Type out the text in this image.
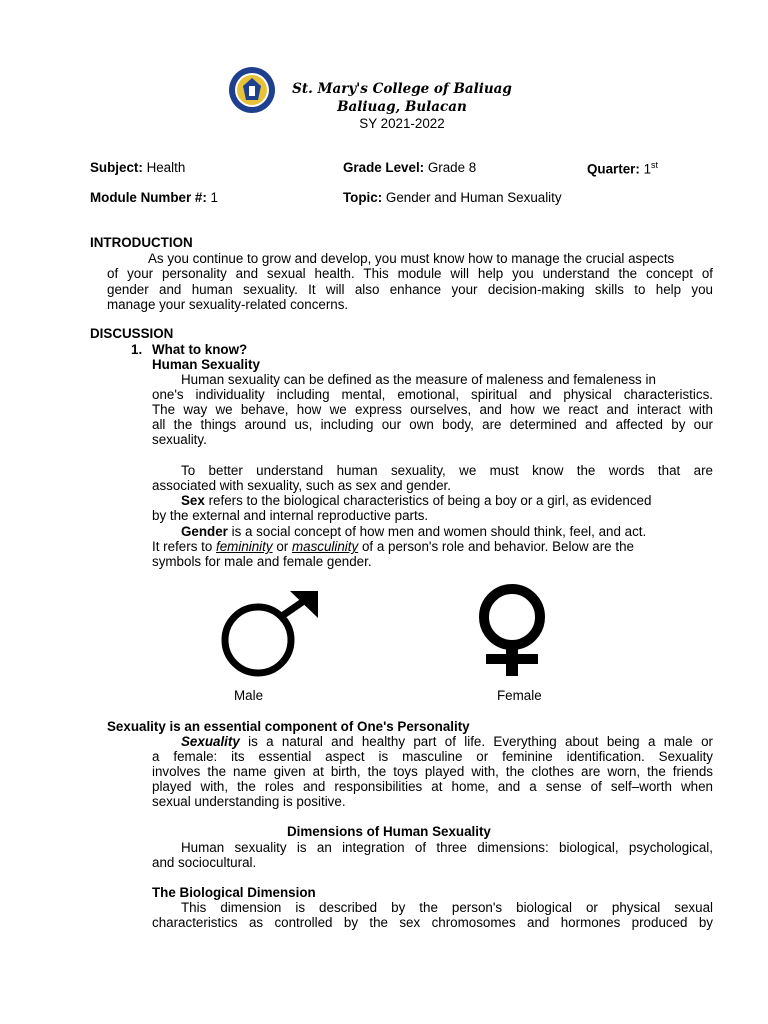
St. Mary's College of Baliuag
Baliuag, Bulacan
SY 2021-2022
Subject: Health	Grade Level: Grade 8	Quarter: 1st
Module Number #: 1	Topic: Gender and Human Sexuality
INTRODUCTION
As you continue to grow and develop, you must know how to manage the crucial aspects
of your personality and sexual health. This module will help you understand the concept of
gender and human sexuality. It will also enhance your decision-making skills to help you
manage your sexuality-related concerns.
DISCUSSION
1. What to know?
Human Sexuality
Human sexuality can be defined as the measure of maleness and femaleness in
one's individuality including mental, emotional, spiritual and physical characteristics.
The way we behave, how we express ourselves, and how we react and interact with
all the things around us, including our own body, are determined and affected by our
sexuality.
To better understand human sexuality, we must know the words that are
associated with sexuality, such as sex and gender.
Sex refers to the biological characteristics of being a boy or a girl, as evidenced
by the external and internal reproductive parts.
Gender is a social concept of how men and women should think, feel, and act.
It refers to femininity or masculinity of a person's role and behavior. Below are the
symbols for male and female gender.
Male	Female
Sexuality is an essential component of One's Personality
Sexuality is a natural and healthy part of life. Everything about being a male or
a female: its essential aspect is masculine or feminine identification. Sexuality
involves the name given at birth, the toys played with, the clothes are worn, the friends
played with, the roles and responsibilities at home, and a sense of self–worth when
sexual understanding is positive.
Dimensions of Human Sexuality
Human sexuality is an integration of three dimensions: biological, psychological,
and sociocultural.
The Biological Dimension
This dimension is described by the person's biological or physical sexual
characteristics as controlled by the sex chromosomes and hormones produced by
